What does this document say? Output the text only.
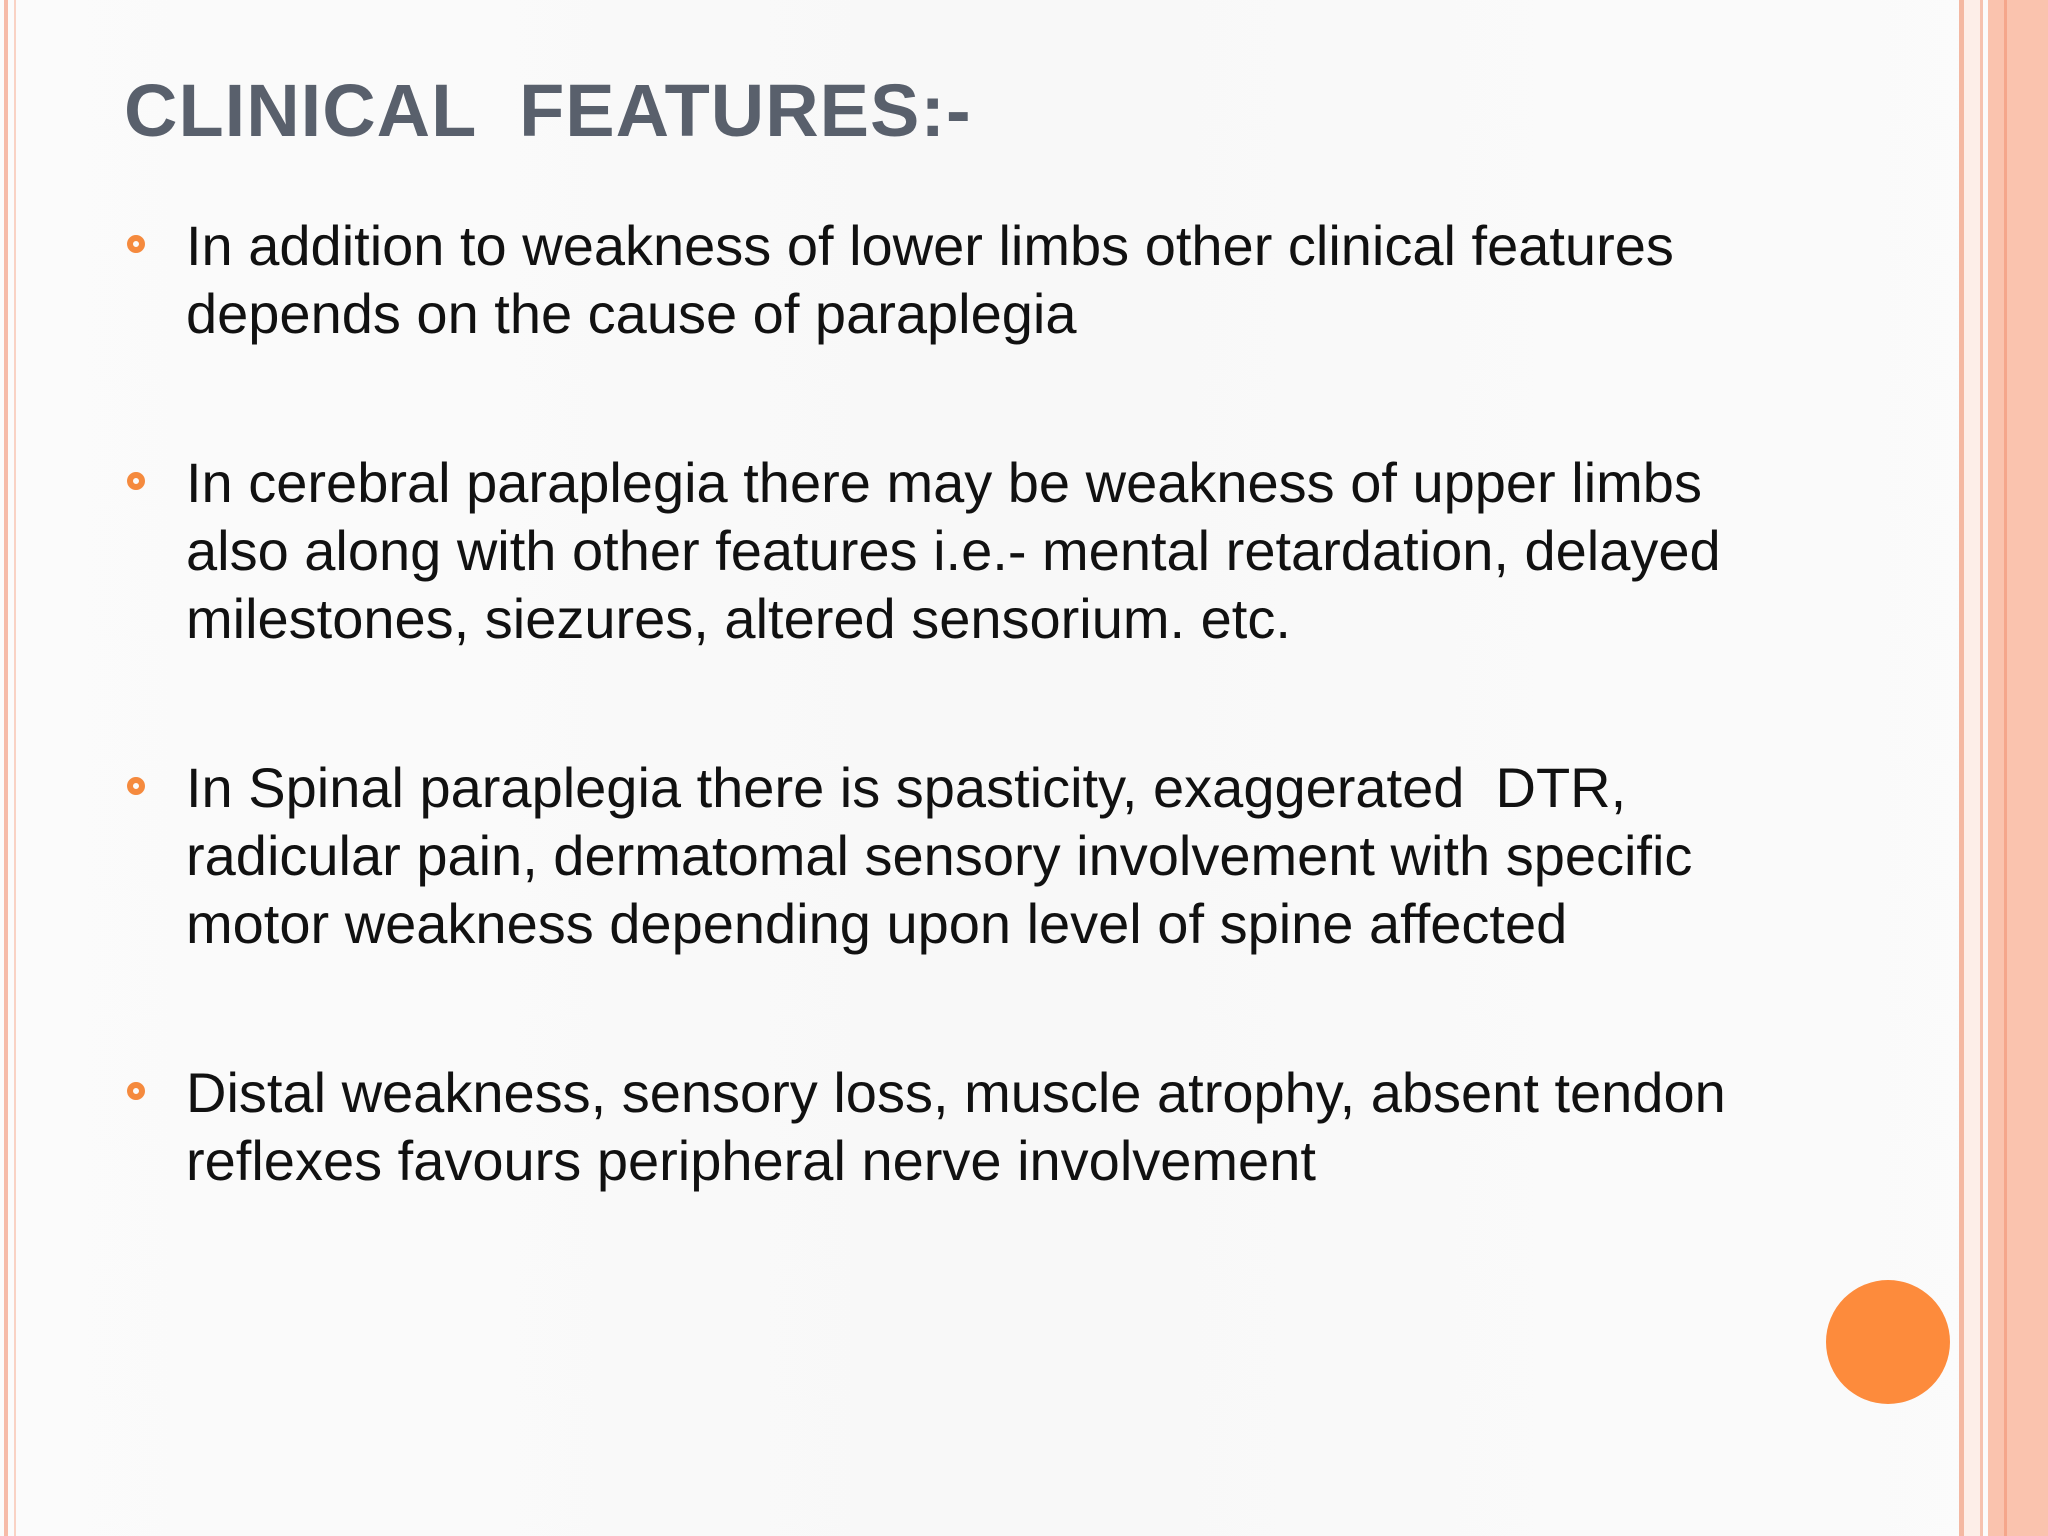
CLINICAL  FEATURES:-
In addition to weakness of lower limbs other clinical features
depends on the cause of paraplegia
In cerebral paraplegia there may be weakness of upper limbs
also along with other features i.e.- mental retardation, delayed
milestones, siezures, altered sensorium. etc.
In Spinal paraplegia there is spasticity, exaggerated  DTR,
radicular pain, dermatomal sensory involvement with specific
motor weakness depending upon level of spine affected
Distal weakness, sensory loss, muscle atrophy, absent tendon
reflexes favours peripheral nerve involvement
